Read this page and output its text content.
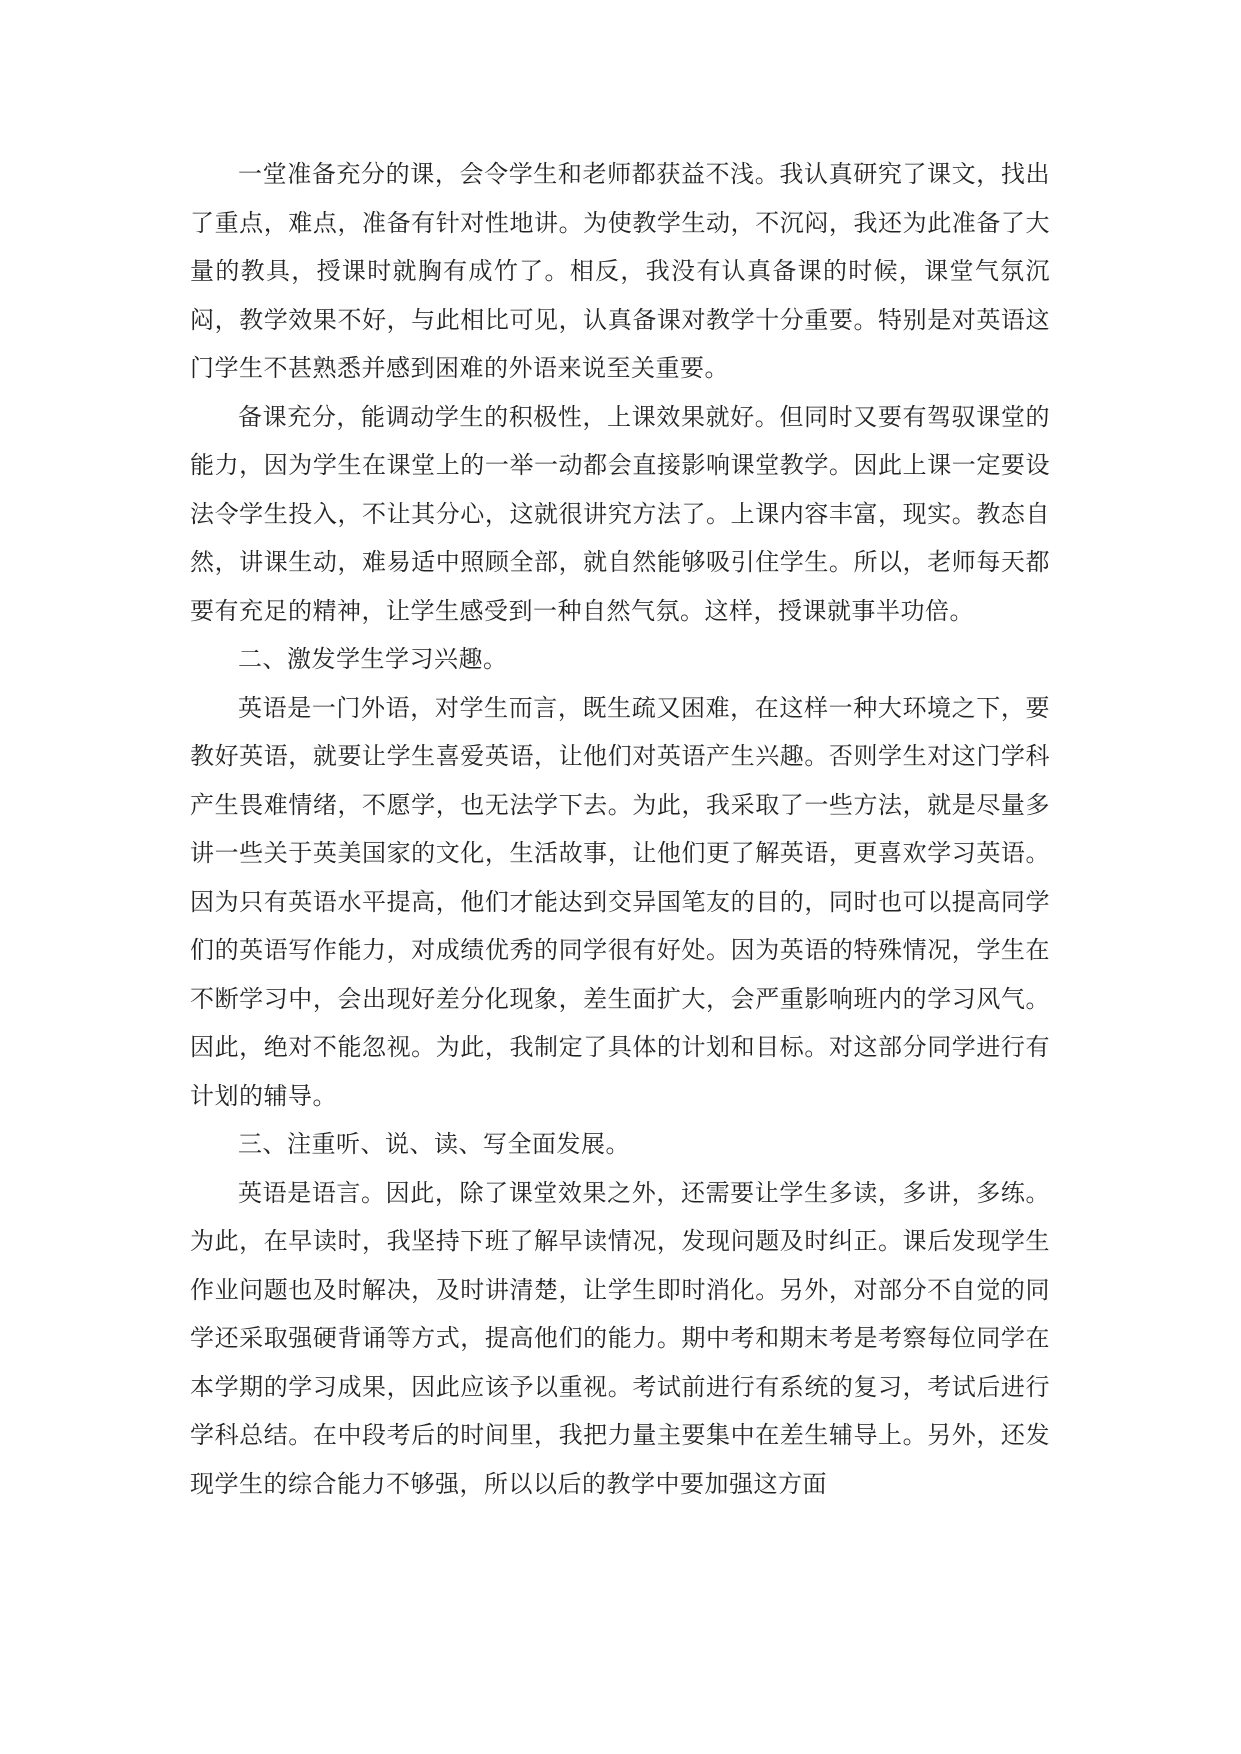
一堂准备充分的课，会令学生和老师都获益不浅。我认真研究了课文，找出了重点，难点，准备有针对性地讲。为使教学生动，不沉闷，我还为此准备了大量的教具，授课时就胸有成竹了。相反，我没有认真备课的时候，课堂气氛沉闷，教学效果不好，与此相比可见，认真备课对教学十分重要。特别是对英语这门学生不甚熟悉并感到困难的外语来说至关重要。

备课充分，能调动学生的积极性，上课效果就好。但同时又要有驾驭课堂的能力，因为学生在课堂上的一举一动都会直接影响课堂教学。因此上课一定要设法令学生投入，不让其分心，这就很讲究方法了。上课内容丰富，现实。教态自然，讲课生动，难易适中照顾全部，就自然能够吸引住学生。所以，老师每天都要有充足的精神，让学生感受到一种自然气氛。这样，授课就事半功倍。

二、激发学生学习兴趣。

英语是一门外语，对学生而言，既生疏又困难，在这样一种大环境之下，要教好英语，就要让学生喜爱英语，让他们对英语产生兴趣。否则学生对这门学科产生畏难情绪，不愿学，也无法学下去。为此，我采取了一些方法，就是尽量多讲一些关于英美国家的文化，生活故事，让他们更了解英语，更喜欢学习英语。因为只有英语水平提高，他们才能达到交异国笔友的目的，同时也可以提高同学们的英语写作能力，对成绩优秀的同学很有好处。因为英语的特殊情况，学生在不断学习中，会出现好差分化现象，差生面扩大，会严重影响班内的学习风气。因此，绝对不能忽视。为此，我制定了具体的计划和目标。对这部分同学进行有计划的辅导。

三、注重听、说、读、写全面发展。

英语是语言。因此，除了课堂效果之外，还需要让学生多读，多讲，多练。为此，在早读时，我坚持下班了解早读情况，发现问题及时纠正。课后发现学生作业问题也及时解决，及时讲清楚，让学生即时消化。另外，对部分不自觉的同学还采取强硬背诵等方式，提高他们的能力。期中考和期末考是考察每位同学在本学期的学习成果，因此应该予以重视。考试前进行有系统的复习，考试后进行学科总结。在中段考后的时间里，我把力量主要集中在差生辅导上。另外，还发现学生的综合能力不够强，所以以后的教学中要加强这方面
